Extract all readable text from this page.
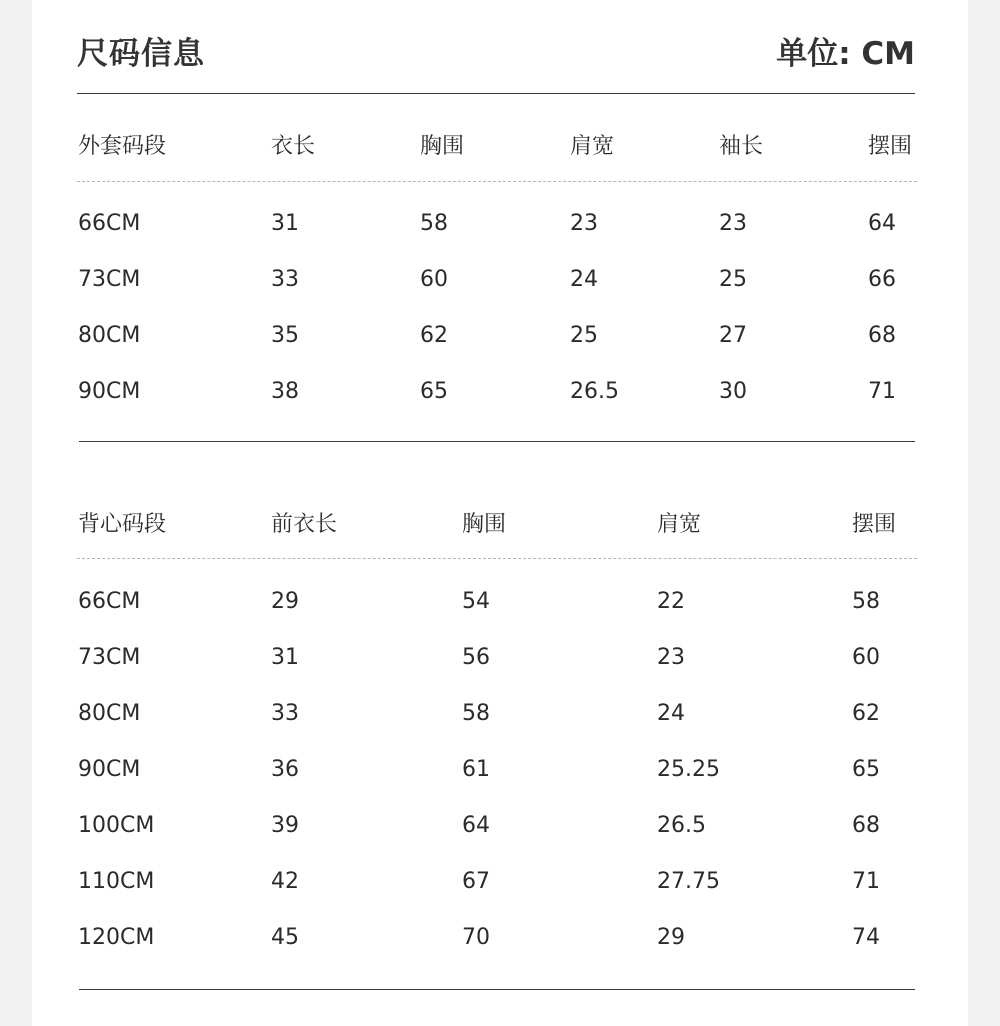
尺码信息	单位: CM
外套码段	衣长	胸围	肩宽	袖长	摆围
66CM	31	58	23	23	64
73CM	33	60	24	25	66
80CM	35	62	25	27	68
90CM	38	65	26.5	30	71
背心码段	前衣长	胸围	肩宽	摆围
66CM	29	54	22	58
73CM	31	56	23	60
80CM	33	58	24	62
90CM	36	61	25.25	65
100CM	39	64	26.5	68
110CM	42	67	27.75	71
120CM	45	70	29	74
